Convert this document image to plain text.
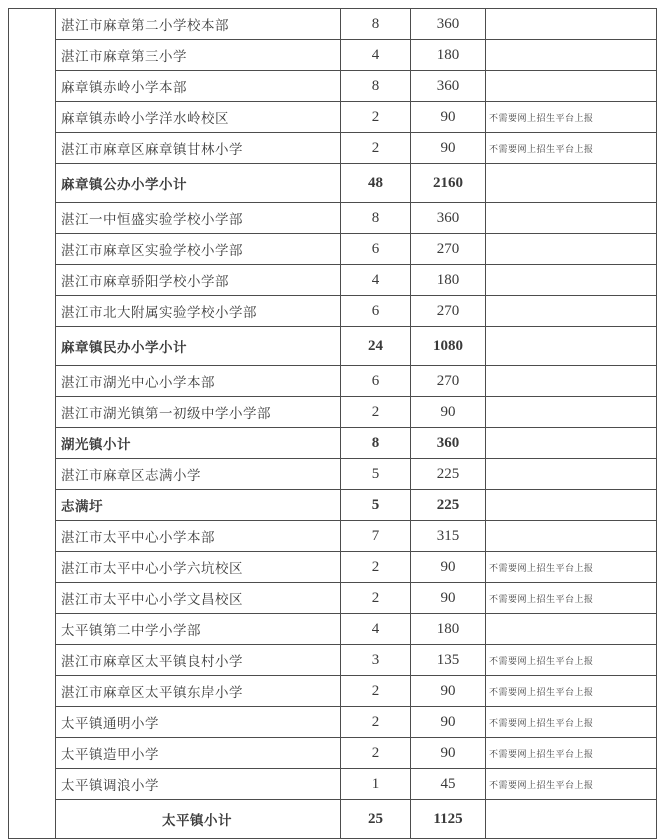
	湛江市麻章第二小学校本部	8	360	
	湛江市麻章第三小学	4	180	
	麻章镇赤岭小学本部	8	360	
	麻章镇赤岭小学洋水岭校区	2	90	不需要网上招生平台上报
	湛江市麻章区麻章镇甘林小学	2	90	不需要网上招生平台上报
	麻章镇公办小学小计	48	2160	
	湛江一中恒盛实验学校小学部	8	360	
	湛江市麻章区实验学校小学部	6	270	
	湛江市麻章骄阳学校小学部	4	180	
	湛江市北大附属实验学校小学部	6	270	
	麻章镇民办小学小计	24	1080	
	湛江市湖光中心小学本部	6	270	
	湛江市湖光镇第一初级中学小学部	2	90	
	湖光镇小计	8	360	
	湛江市麻章区志满小学	5	225	
	志满圩	5	225	
	湛江市太平中心小学本部	7	315	
	湛江市太平中心小学六坑校区	2	90	不需要网上招生平台上报
	湛江市太平中心小学文昌校区	2	90	不需要网上招生平台上报
	太平镇第二中学小学部	4	180	
	湛江市麻章区太平镇良村小学	3	135	不需要网上招生平台上报
	湛江市麻章区太平镇东岸小学	2	90	不需要网上招生平台上报
	太平镇通明小学	2	90	不需要网上招生平台上报
	太平镇造甲小学	2	90	不需要网上招生平台上报
	太平镇调浪小学	1	45	不需要网上招生平台上报
	太平镇小计	25	1125	
